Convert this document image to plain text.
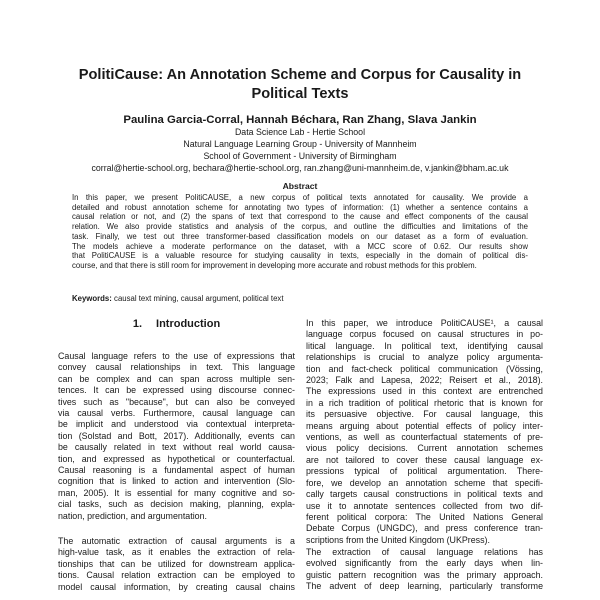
PolitiCause: An Annotation Scheme and Corpus for Causality in
Political Texts
Paulina Garcia-Corral, Hannah Béchara, Ran Zhang, Slava Jankin
Data Science Lab - Hertie School
Natural Language Learning Group - University of Mannheim
School of Government - University of Birmingham
corral@hertie-school.org, bechara@hertie-school.org, ran.zhang@uni-mannheim.de, v.jankin@bham.ac.uk
Abstract
In this paper, we present PolitiCAUSE, a new corpus of political texts annotated for causality. We provide a
detailed and robust annotation scheme for annotating two types of information: (1) whether a sentence contains a
causal relation or not, and (2) the spans of text that correspond to the cause and effect components of the causal
relation. We also provide statistics and analysis of the corpus, and outline the difficulties and limitations of the
task. Finally, we test out three transformer-based classification models on our dataset as a form of evaluation.
The models achieve a moderate performance on the dataset, with a MCC score of 0.62. Our results show
that PolitiCAUSE is a valuable resource for studying causality in texts, especially in the domain of political dis-
course, and that there is still room for improvement in developing more accurate and robust methods for this problem.
Keywords: causal text mining, causal argument, political text
1. Introduction
Causal language refers to the use of expressions that
convey causal relationships in text. This language
can be complex and can span across multiple sen-
tences. It can be expressed using discourse connec-
tives such as "because", but can also be conveyed
via causal verbs. Furthermore, causal language can
be implicit and understood via contextual interpreta-
tion (Solstad and Bott, 2017). Additionally, events can
be causally related in text without real world causa-
tion, and expressed as hypothetical or counterfactual.
Causal reasoning is a fundamental aspect of human
cognition that is linked to action and intervention (Slo-
man, 2005). It is essential for many cognitive and so-
cial tasks, such as decision making, planning, expla-
nation, prediction, and argumentation.
The automatic extraction of causal arguments is a
high-value task, as it enables the extraction of rela-
tionships that can be utilized for downstream applica-
tions. Causal relation extraction can be employed to
model causal information, by creating causal chains
In this paper, we introduce PolitiCAUSE¹, a causal
language corpus focused on causal structures in po-
litical language. In political text, identifying causal
relationships is crucial to analyze policy argumenta-
tion and fact-check political communication (Vössing,
2023; Falk and Lapesa, 2022; Reisert et al., 2018).
The expressions used in this context are entrenched
in a rich tradition of political rhetoric that is known for
its persuasive objective. For causal language, this
means arguing about potential effects of policy inter-
ventions, as well as counterfactual statements of pre-
vious policy decisions. Current annotation schemes
are not tailored to cover these causal language ex-
pressions typical of political argumentation. There-
fore, we develop an annotation scheme that specifi-
cally targets causal constructions in political texts and
use it to annotate sentences collected from two dif-
ferent political corpora: The United Nations General
Debate Corpus (UNGDC), and press conference tran-
scriptions from the United Kingdom (UKPress).
The extraction of causal language relations has
evolved significantly from the early days when lin-
guistic pattern recognition was the primary approach.
The advent of deep learning, particularly transforme
